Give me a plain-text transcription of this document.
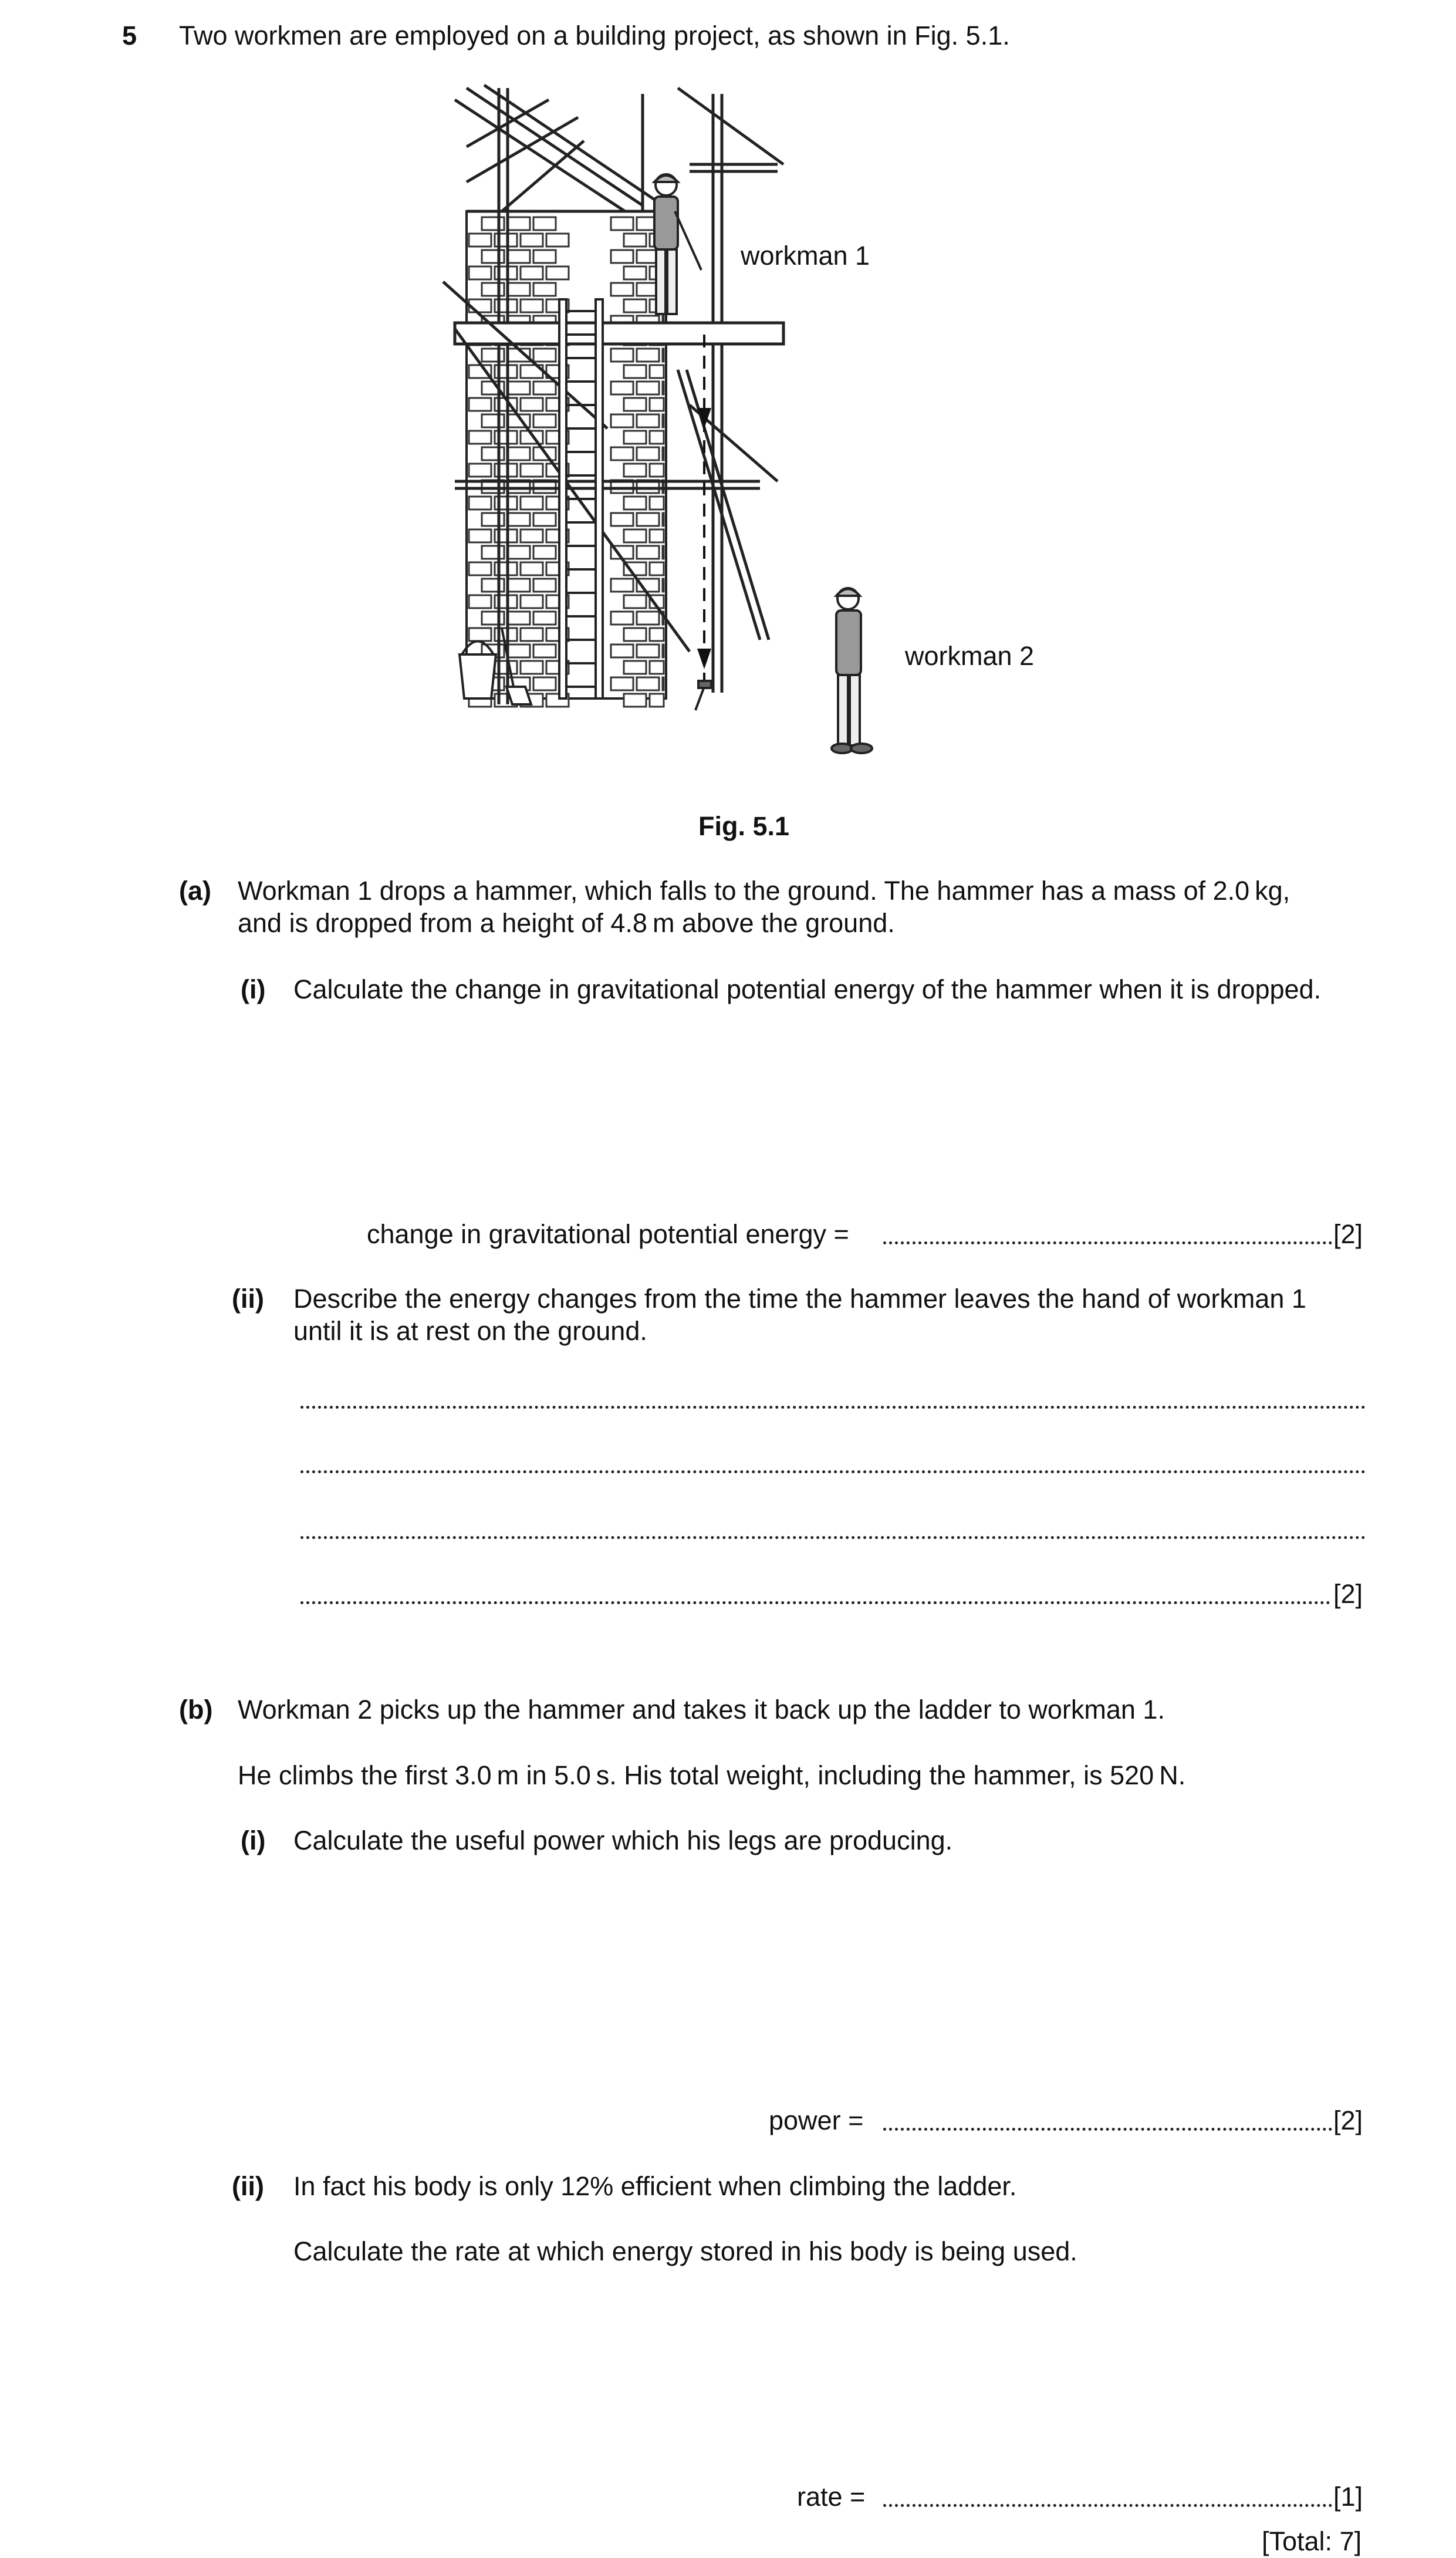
5 Two workmen are employed on a building project, as shown in Fig. 5.1.
workman 1
workman 2
Fig. 5.1
(a) Workman 1 drops a hammer, which falls to the ground. The hammer has a mass of 2.0 kg,
and is dropped from a height of 4.8 m above the ground.
(i) Calculate the change in gravitational potential energy of the hammer when it is dropped.
change in gravitational potential energy =	[2]
(ii) Describe the energy changes from the time the hammer leaves the hand of workman 1
until it is at rest on the ground.
[2]
(b) Workman 2 picks up the hammer and takes it back up the ladder to workman 1.
He climbs the first 3.0 m in 5.0 s. His total weight, including the hammer, is 520 N.
(i) Calculate the useful power which his legs are producing.
power =	[2]
(ii) In fact his body is only 12% efficient when climbing the ladder.
Calculate the rate at which energy stored in his body is being used.
rate =	[1]
[Total: 7]
